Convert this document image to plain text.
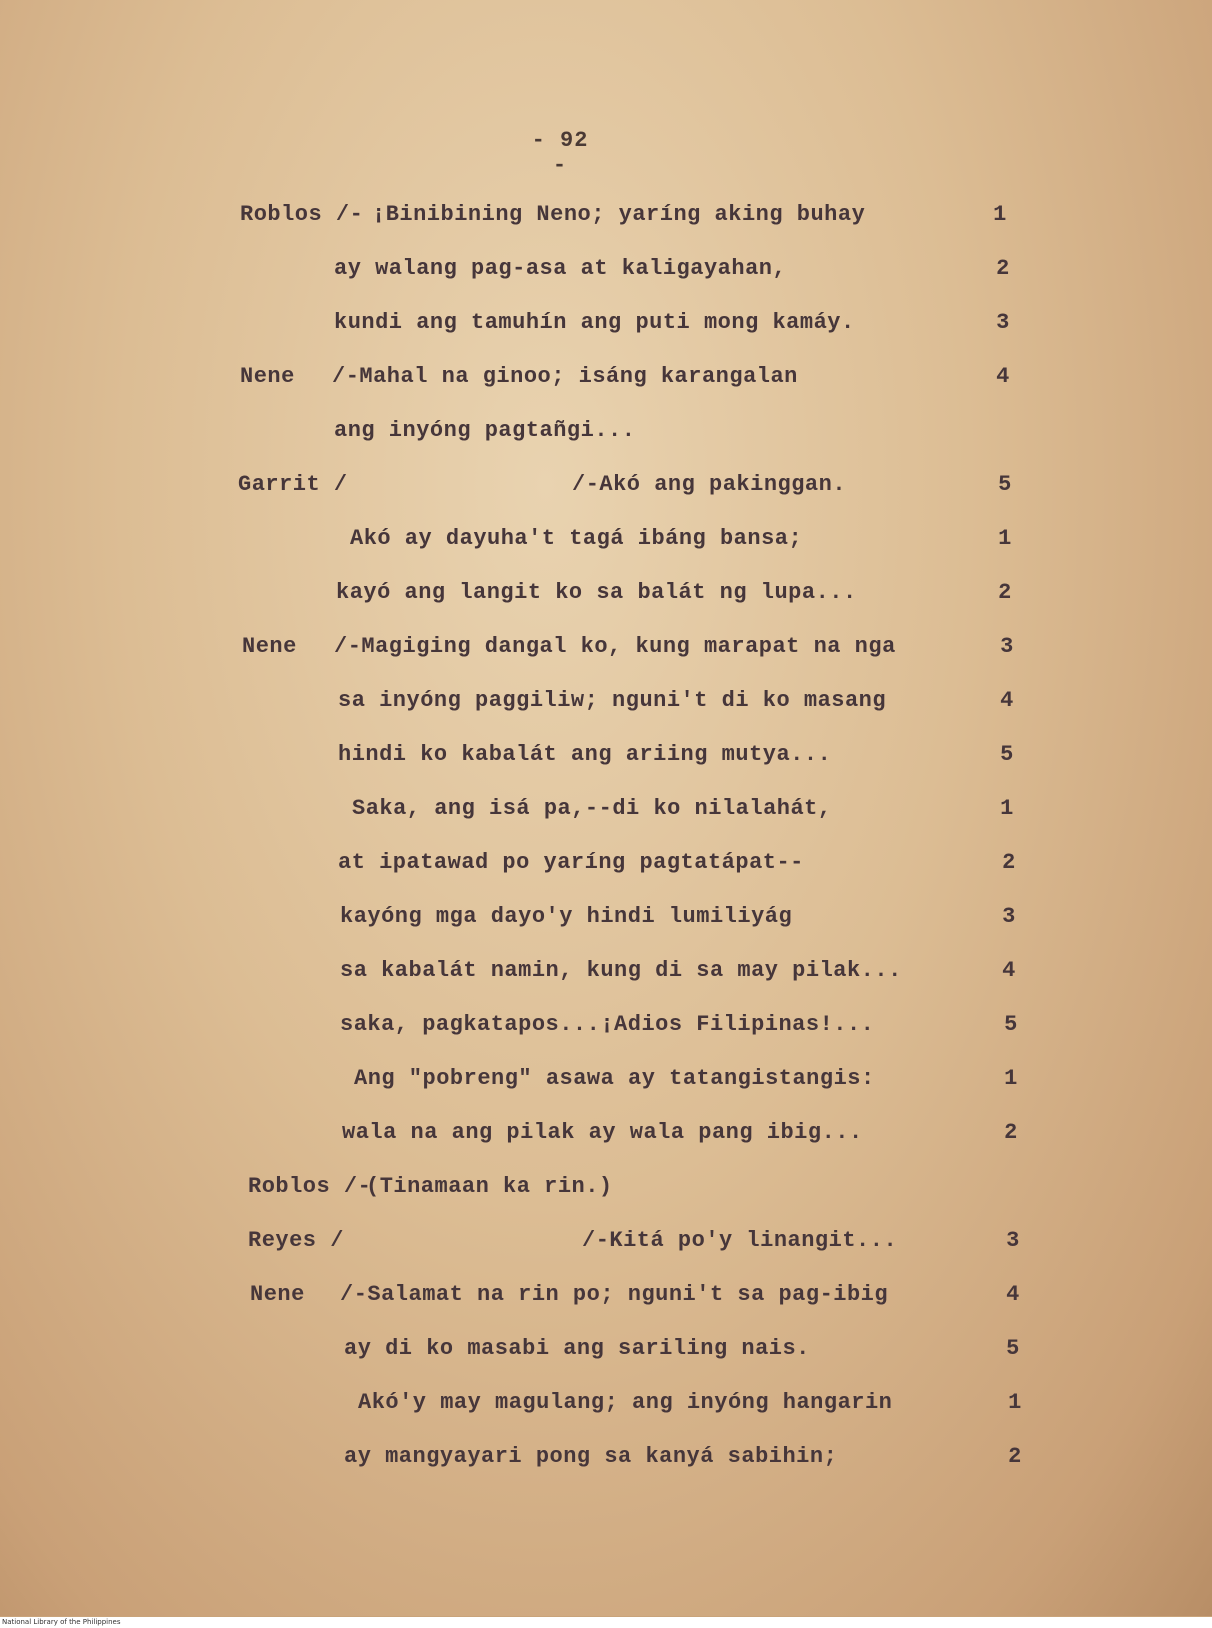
- 92 -
Roblos /- ¡Binibining Neno; yaríng aking buhay	1
ay walang pag-asa at kaligayahan,	2
kundi ang tamuhín ang puti mong kamáy.	3
Nene /-Mahal na ginoo; isáng karangalan	4
ang inyóng pagtañgi...
Garrit /	/-Akó ang pakinggan.	5
Akó ay dayuha't tagá ibáng bansa;	1
kayó ang langit ko sa balát ng lupa...	2
Nene /-Magiging dangal ko, kung marapat na nga	3
sa inyóng paggiliw; nguni't di ko masang	4
hindi ko kabalát ang ariing mutya...	5
Saka, ang isá pa,--di ko nilalahát,	1
at ipatawad po yaríng pagtatápat--	2
kayóng mga dayo'y hindi lumiliyág	3
sa kabalát namin, kung di sa may pilak...	4
saka, pagkatapos...¡Adios Filipinas!...	5
Ang "pobreng" asawa ay tatangistangis:	1
wala na ang pilak ay wala pang ibig...	2
Roblos /-
(Tinamaan ka rin.)
Reyes /	/-Kitá po'y linangit...	3
Nene /-Salamat na rin po; nguni't sa pag-ibig	4
ay di ko masabi ang sariling nais.	5
Akó'y may magulang; ang inyóng hangarin	1
ay mangyayari pong sa kanyá sabihin;	2
National Library of the Philippines
